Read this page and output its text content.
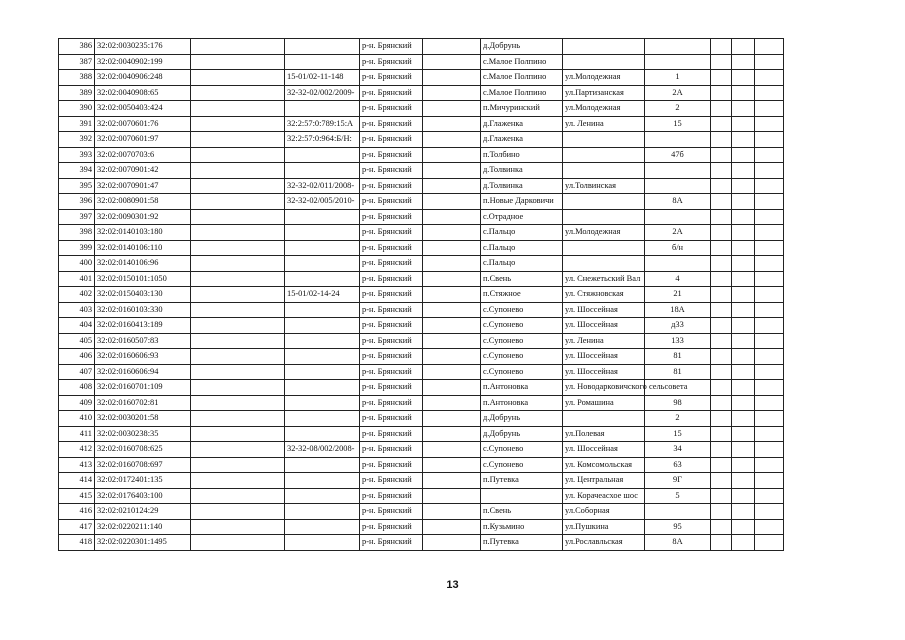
386	32:02:0030235:176			р-н. Брянский		д.Добрунь					
387	32:02:0040902:199			р-н. Брянский		с.Малое Полпино					
388	32:02:0040906:248		15-01/02-11-148	р-н. Брянский		с.Малое Полпино	ул.Молодежная	1			
389	32:02:0040908:65		32-32-02/002/2009-	р-н. Брянский		с.Малое Полпино	ул.Партизанская	2А			
390	32:02:0050403:424			р-н. Брянский		п.Мичуринский	ул.Молодежная	2			
391	32:02:0070601:76		32:2:57:0:789:15:А	р-н. Брянский		д.Глаженка	ул. Ленина	15			
392	32:02:0070601:97		32:2:57:0:964:Б/Н:	р-н. Брянский		д.Глаженка					
393	32:02:0070703:6			р-н. Брянский		п.Толбино		47б			
394	32:02:0070901:42			р-н. Брянский		д.Толвинка					
395	32:02:0070901:47		32-32-02/011/2008-	р-н. Брянский		д.Толвинка	ул.Толвинская				
396	32:02:0080901:58		32-32-02/005/2010-	р-н. Брянский		п.Новые Дарковичи		8А			
397	32:02:0090301:92			р-н. Брянский		с.Отрадное					
398	32:02:0140103:180			р-н. Брянский		с.Пальцо	ул.Молодежная	2А			
399	32:02:0140106:110			р-н. Брянский		с.Пальцо		б/н			
400	32:02:0140106:96			р-н. Брянский		с.Пальцо					
401	32:02:0150101:1050			р-н. Брянский		п.Свень	ул. Снежетьский Вал	4			
402	32:02:0150403:130		15-01/02-14-24	р-н. Брянский		п.Стяжное	ул. Стяжновская	21			
403	32:02:0160103:330			р-н. Брянский		с.Супонево	ул. Шоссейная	18А			
404	32:02:0160413:189			р-н. Брянский		с.Супонево	ул. Шоссейная	д33			
405	32:02:0160507:83			р-н. Брянский		с.Супонево	ул. Ленина	133			
406	32:02:0160606:93			р-н. Брянский		с.Супонево	ул. Шоссейная	81			
407	32:02:0160606:94			р-н. Брянский		с.Супонево	ул. Шоссейная	81			
408	32:02:0160701:109			р-н. Брянский		п.Антоновка	ул. Новодарковичского сельсовета				
409	32:02:0160702:81			р-н. Брянский		п.Антоновка	ул. Ромашина	98			
410	32:02:0030201:58			р-н. Брянский		д.Добрунь		2			
411	32:02:0030238:35			р-н. Брянский		д.Добрунь	ул.Полевая	15			
412	32:02:0160708:625		32-32-08/002/2008-	р-н. Брянский		с.Супонево	ул. Шоссейная	34			
413	32:02:0160708:697			р-н. Брянский		с.Супонево	ул. Комсомольская	63			
414	32:02:0172401:135			р-н. Брянский		п.Путевка	ул. Центральная	9Г			
415	32:02:0176403:100			р-н. Брянский			ул. Корачеасхое шос	5			
416	32:02:0210124:29			р-н. Брянский		п.Свень	ул.Соборная				
417	32:02:0220211:140			р-н. Брянский		п.Кузьмино	ул.Пушкина	95			
418	32:02:0220301:1495			р-н. Брянский		п.Путевка	ул.Рославльская	8А			
13
